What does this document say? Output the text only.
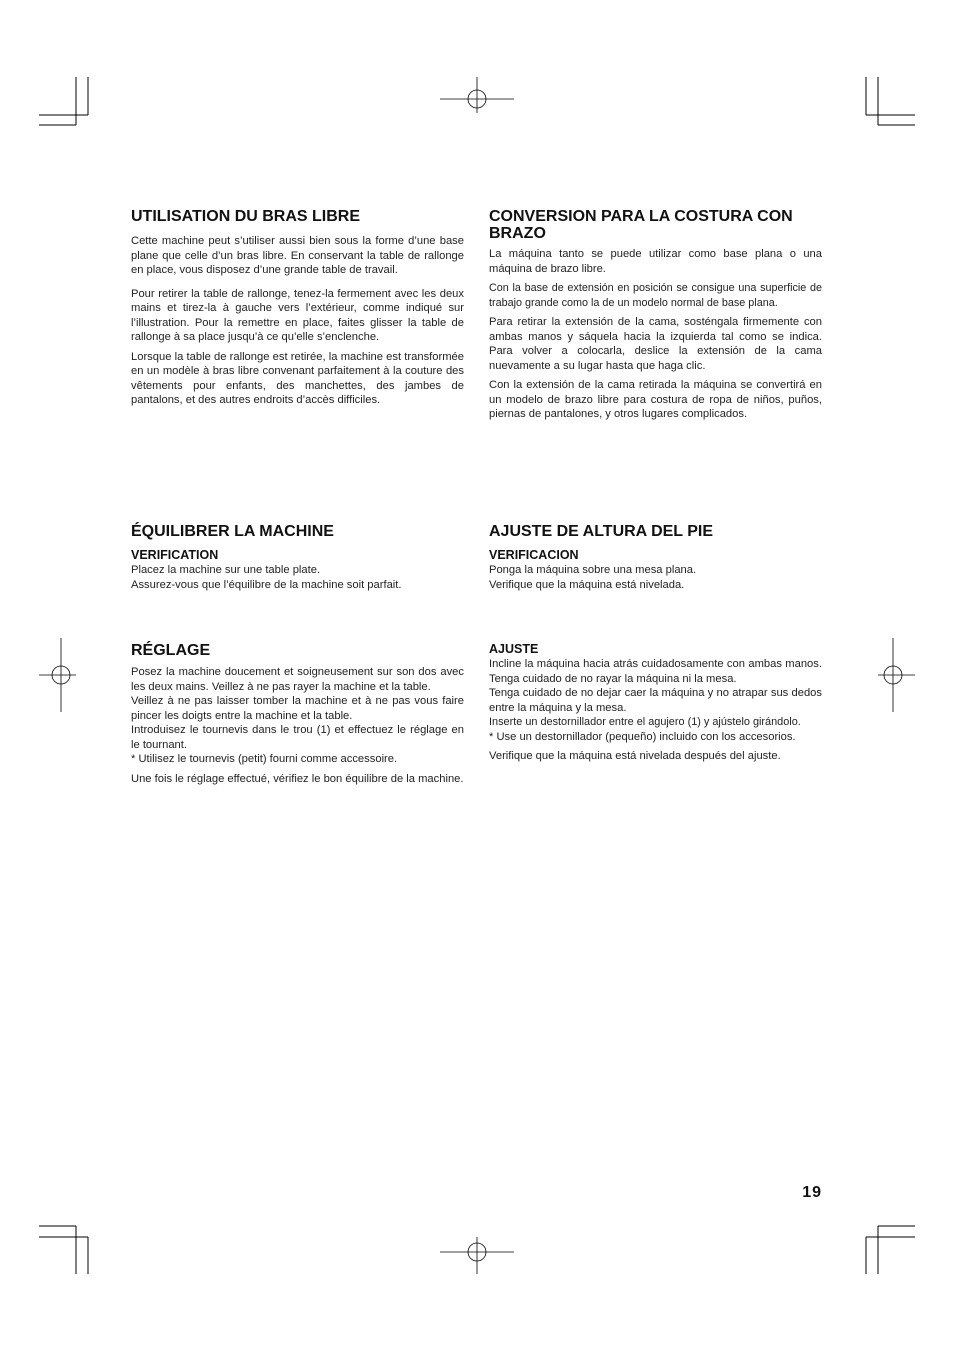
UTILISATION DU BRAS LIBRE

Cette machine peut s’utiliser aussi bien sous la forme d’une base plane que celle d’un bras libre. En conservant la table de rallonge en place, vous disposez d’une grande table de travail.

Pour retirer la table de rallonge, tenez-la fermement avec les deux mains et tirez-la à gauche vers l’extérieur, comme indiqué sur l’illustration. Pour la remettre en place, faites glisser la table de rallonge à sa place jusqu’à ce qu’elle s’enclenche.

Lorsque la table de rallonge est retirée, la machine est transformée en un modèle à bras libre convenant parfaitement à la couture des vêtements pour enfants, des manchettes, des jambes de pantalons, et des autres endroits d’accès difficiles.

ÉQUILIBRER LA MACHINE
VERIFICATION

Placez la machine sur une table plate.

Assurez-vous que l’équilibre de la machine soit parfait.

RÉGLAGE

Posez la machine doucement et soigneusement sur son dos avec les deux mains. Veillez à ne pas rayer la machine et la table.

Veillez à ne pas laisser tomber la machine et à ne pas vous faire pincer les doigts entre la machine et la table.

Introduisez le tournevis dans le trou (1) et effectuez le réglage en le tournant.

* Utilisez le tournevis (petit) fourni comme accessoire.

Une fois le réglage effectué, vérifiez le bon équilibre de la machine.

CONVERSION PARA LA COSTURA CON BRAZO

La máquina tanto se puede utilizar como base plana o una máquina de brazo libre.

Con la base de extensión en posición se consigue una superficie de trabajo grande como la de un modelo normal de base plana.

Para retirar la extensión de la cama, sosténgala firmemente con ambas manos y sáquela hacia la izquierda tal como se indica. Para volver a colocarla, deslice la extensión de la cama nuevamente a su lugar hasta que haga clic.

Con la extensión de la cama retirada la máquina se convertirá en un modelo de brazo libre para costura de ropa de niños, puños, piernas de pantalones, y otros lugares complicados.

AJUSTE DE ALTURA DEL PIE
VERIFICACION

Ponga la máquina sobre una mesa plana.

Verifique que la máquina está nivelada.

AJUSTE

Incline la máquina hacia atrás cuidadosamente con ambas manos. Tenga cuidado de no rayar la máquina ni la mesa.

Tenga cuidado de no dejar caer la máquina y no atrapar sus dedos entre la máquina y la mesa.

Inserte un destornillador entre el agujero (1) y ajústelo girándolo.

* Use un destornillador (pequeño) incluido con los accesorios.

Verifique que la máquina está nivelada después del ajuste.

19
